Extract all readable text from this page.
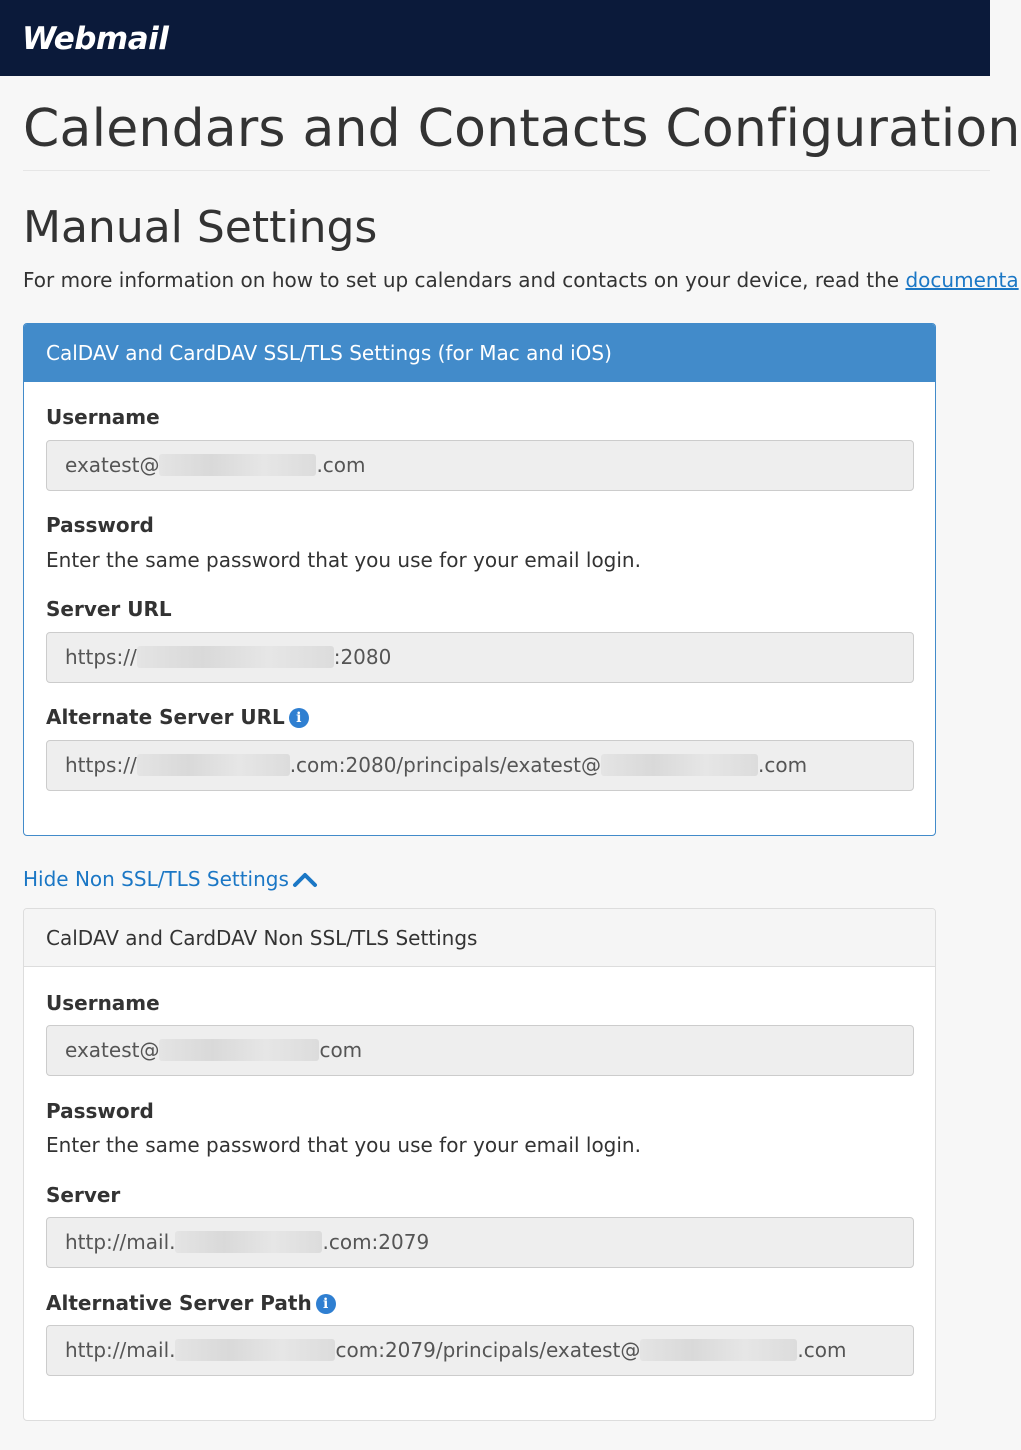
Webmail
Calendars and Contacts Configuration
Manual Settings

For more information on how to set up calendars and contacts on your device, read the documenta

CalDAV and CardDAV SSL/TLS Settings (for Mac and iOS)
Username
exatest@	.com
Password
Enter the same password that you use for your email login.
Server URL
https://	:2080
Alternate Server URL i
https://	.com:2080/principals/exatest@	.com
Hide Non SSL/TLS Settings
CalDAV and CardDAV Non SSL/TLS Settings
Username
exatest@	com
Password
Enter the same password that you use for your email login.
Server
http://mail.	.com:2079
Alternative Server Path i
http://mail.	com:2079/principals/exatest@	.com
